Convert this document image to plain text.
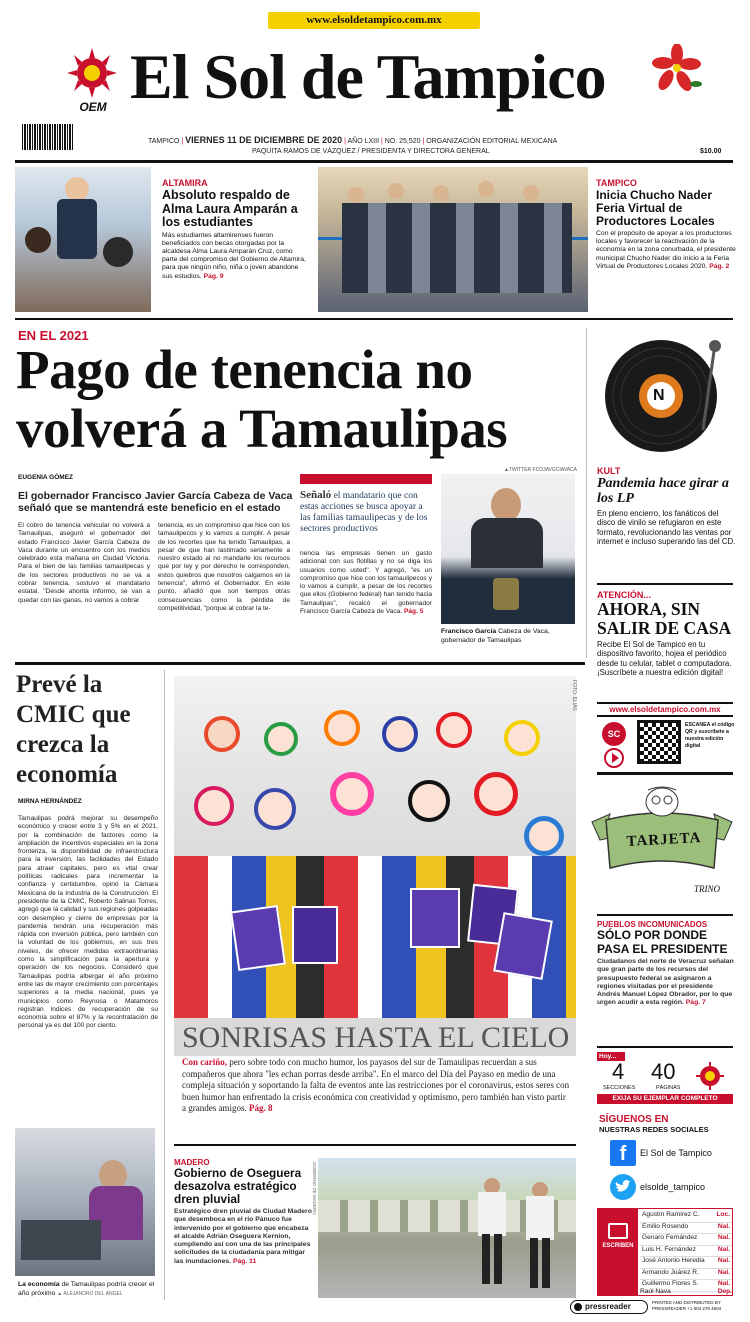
www.elsoldetampico.com.mx
OEM El Sol de Tampico
TAMPICO | VIERNES 11 DE DICIEMBRE DE 2020 | AÑO LXIII | NO. 25,520 | ORGANIZACIÓN EDITORIAL MEXICANA
PAQUITA RAMOS DE VÁZQUEZ / PRESIDENTA Y DIRECTORA GENERAL	$10.00
ALTAMIRA
Absoluto respaldo de Alma Laura Amparán a los estudiantes
Más estudiantes altamirenses fueron beneficiados con becas otorgadas por la alcaldesa Alma Laura Amparán Cruz, como parte del compromiso del Gobierno de Altamira, para que ningún niño, niña o joven abandone sus estudios. Pág. 9
TAMPICO
Inicia Chucho Nader Feria Virtual de Productores Locales
Con el propósito de apoyar a los productores locales y favorecer la reactivación de la economía en la zona conurbada, el presidente municipal Chucho Nader dio inicio a la Feria Virtual de Productores Locales 2020. Pág. 2
EN EL 2021
Pago de tenencia no
volverá a Tamaulipas
EUGENIA GÓMEZ
El gobernador Francisco Javier García Cabeza de Vaca señaló que se mantendrá este beneficio en el estado
El cobro de tenencia vehicular no volverá a Tamaulipas, aseguró el gobernador del estado Francisco Javier García Cabeza de Vaca durante un encuentro con los medios celebrado esta mañana en Ciudad Victoria. Para el bien de las familias tamaulipecas y de los sectores productivos no se va a cobrar tenencia, sostuvo el mandatario estatal. "Desde ahorita informo, se van a quedar con las ganas, no vamos a cobrar
tenencia, es un compromiso que hice con los tamaulipecos y lo vamos a cumplir. A pesar de los recortes que ha tenido Tamaulipas, a pesar de que han lastimado seriamente a nuestro estado al no mandarle los recursos que por ley y por derecho le corresponden, estos quiebros que nosotros calgamos en la tenencia", afirmó el Gobernador. En este punto, añadió que son tiempos otras consecuencias como la pérdida de competitividad, "porque al cobrar la te-
Señaló el mandatario que con estas acciones se busca apoyar a las familias tamaulipecas y de los sectores productivos
nencia las empresas tienen un gasto adicional con sus flotillas y no se diga los usuarios como usted". Y agregó, "es un compromiso que hice con los tamaulipecos y lo vamos a cumplir, a pesar de los recortes que ellos (Gobierno federal) han tenido hacia Tamaulipas", recalcó el gobernador Francisco García Cabeza de Vaca. Pág. 5
▲TWITTER FCOJAVGCIAVACA
Francisco García Cabeza de Vaca, gobernador de Tamaulipas
N
KULT
Pandemia hace girar a los LP
En pleno encierro, los fanáticos del disco de vinilo se refugiaron en este formato, revolucionando las ventas por internet e incluso superando las del CD.
ATENCIÓN...
AHORA, SIN SALIR DE CASA
Recibe El Sol de Tampico en tu dispositivo favorito, hojea el periódico desde tu celular, tablet o computadora. ¡Suscríbete a nuestra edición digital!
www.elsoldetampico.com.mx
SC
ESCANEA el código QR y suscríbete a nuestra edición digital
TARJETA
TRINO
PUEBLOS INCOMUNICADOS
SÓLO POR DONDE PASA EL PRESIDENTE
Ciudadanos del norte de Veracruz señalan que gran parte de los recursos del presupuesto federal se asignaron a regiones visitadas por el presidente Andrés Manuel López Obrador, por lo que urgen acudir a esta región. Pág. 7
Hoy...
4
SECCIONES
40
PÁGINAS
EXIJA SU EJEMPLAR COMPLETO
SÍGUENOS EN
NUESTRAS REDES SOCIALES
f	El Sol de Tampico
elsolde_tampico
ESCRIBEN
Agustín Ramírez C.	Loc.
Emilio Rosendo	Nal.
Genaro Fernández	Nal.
Luis H. Fernández	Nal.
José Antonio Heredia Nal.
Armando Juárez R.	Nal.
Guillermo Flores S.	Nal.
Raúl Nava	Dep.
pressreader	PRINTED AND DISTRIBUTED BY PRESSREADER +1 604 278 4604
Prevé la CMIC que crezca la economía
MIRNA HERNÁNDEZ
Tamaulipas podrá mejorar su desempeño económico y crecer entre 3 y 5% en el 2021, por la combinación de factores como la ampliación de incentivos especiales en la zona fronteriza, la disponibilidad de infraestructura para la inversión, las facilidades del Estado para atraer capitales, pero es vital crear políticas radicales para incrementar la confianza y certidumbre, opinó la Cámara Mexicana de la Industria de la Construcción. El presidente de la CMIC, Roberto Salinas Torres, agregó que la calidad y sus regiones golpeadas con desempleo y cierre de empresas por la pandemia tendrán una recuperación más rápida con inversión pública, pero también con la voluntad de los gobiernos, en sus tres niveles, de ofrecer medidas extraordinarias como la simplificación para la apertura y operación de los negocios. Consideró que Tamaulipas podría albergar el año próximo entre las de mayor crecimiento con porcentajes superiores a la media nacional, pues ya municipios como Reynosa o Matamoros registran índices de recuperación de su economía sobre el 87% y la recontratación de personal ya es del 100 por ciento.
La economía de Tamaulipas podría crecer el año próximo ▲ ALEJANDRO DEL ÁNGEL
FOTO: ELIÁS
SONRISAS HASTA EL CIELO
Con cariño, pero sobre todo con mucho humor, los payasos del sur de Tamaulipas recuerdan a sus compañeros que ahora "les echan porras desde arriba". En el marco del Día del Payaso en medio de una compleja situación y soportando la falta de eventos ante las restricciones por el coronavirus, estos seres con buen humor han enfrentado la crisis económica con creatividad y optimismo, pero también han visto partir a grandes amigos. Pág. 8
MADERO
Gobierno de Oseguera desazolva estratégico dren pluvial
Estratégico dren pluvial de Ciudad Madero que desemboca en el río Pánuco fue intervenido por el gobierno que encabeza el alcalde Adrián Oseguera Kernion, cumpliendo así con una de las principales solicitudes de la ciudadanía para mitigar las inundaciones. Pág. 11
GOBIERNO DE MADERO
